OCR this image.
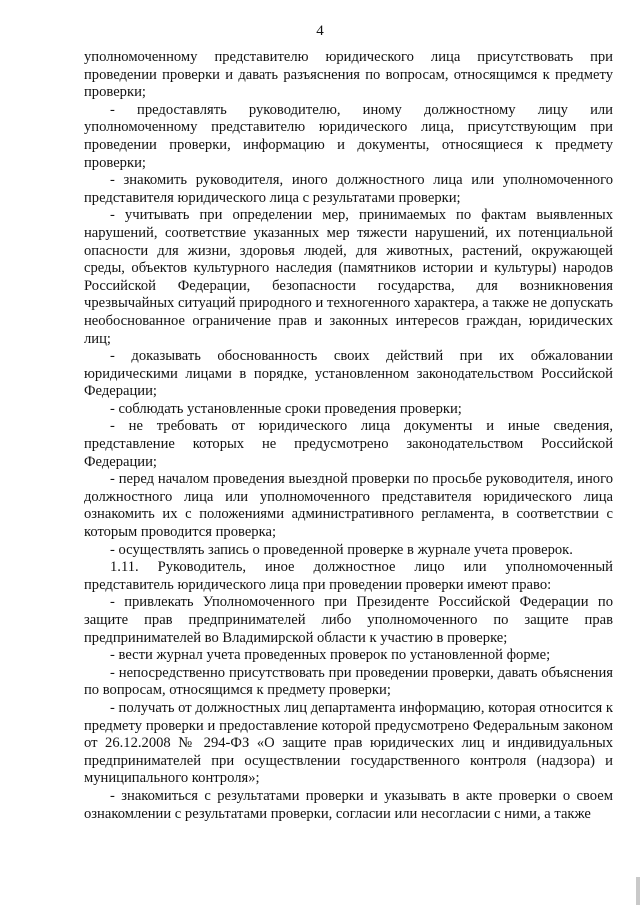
4

уполномоченному представителю юридического лица присутствовать при проведении проверки и давать разъяснения по вопросам, относящимся к предмету проверки;

- предоставлять руководителю, иному должностному лицу или уполномоченному представителю юридического лица, присутствующим при проведении проверки, информацию и документы, относящиеся к предмету проверки;

- знакомить руководителя, иного должностного лица или уполномоченного представителя юридического лица с результатами проверки;

- учитывать при определении мер, принимаемых по фактам выявленных нарушений, соответствие указанных мер тяжести нарушений, их потенциальной опасности для жизни, здоровья людей, для животных, растений, окружающей среды, объектов культурного наследия (памятников истории и культуры) народов Российской Федерации, безопасности государства, для возникновения чрезвычайных ситуаций природного и техногенного характера, а также не допускать необоснованное ограничение прав и законных интересов граждан, юридических лиц;

- доказывать обоснованность своих действий при их обжаловании юридическими лицами в порядке, установленном законодательством Российской Федерации;

- соблюдать установленные сроки проведения проверки;

- не требовать от юридического лица документы и иные сведения, представление которых не предусмотрено законодательством Российской Федерации;

- перед началом проведения выездной проверки по просьбе руководителя, иного должностного лица или уполномоченного представителя юридического лица ознакомить их с положениями административного регламента, в соответствии с которым проводится проверка;

- осуществлять запись о проведенной проверке в журнале учета проверок.

1.11. Руководитель, иное должностное лицо или уполномоченный представитель юридического лица при проведении проверки имеют право:

- привлекать Уполномоченного при Президенте Российской Федерации по защите прав предпринимателей либо уполномоченного по защите прав предпринимателей во Владимирской области к участию в проверке;

- вести журнал учета проведенных проверок по установленной форме;

- непосредственно присутствовать при проведении проверки, давать объяснения по вопросам, относящимся к предмету проверки;

- получать от должностных лиц департамента информацию, которая относится к предмету проверки и предоставление которой предусмотрено Федеральным законом от 26.12.2008 № 294-ФЗ «О защите прав юридических лиц и индивидуальных предпринимателей при осуществлении государственного контроля (надзора) и муниципального контроля»;

- знакомиться с результатами проверки и указывать в акте проверки о своем ознакомлении с результатами проверки, согласии или несогласии с ними, а также
